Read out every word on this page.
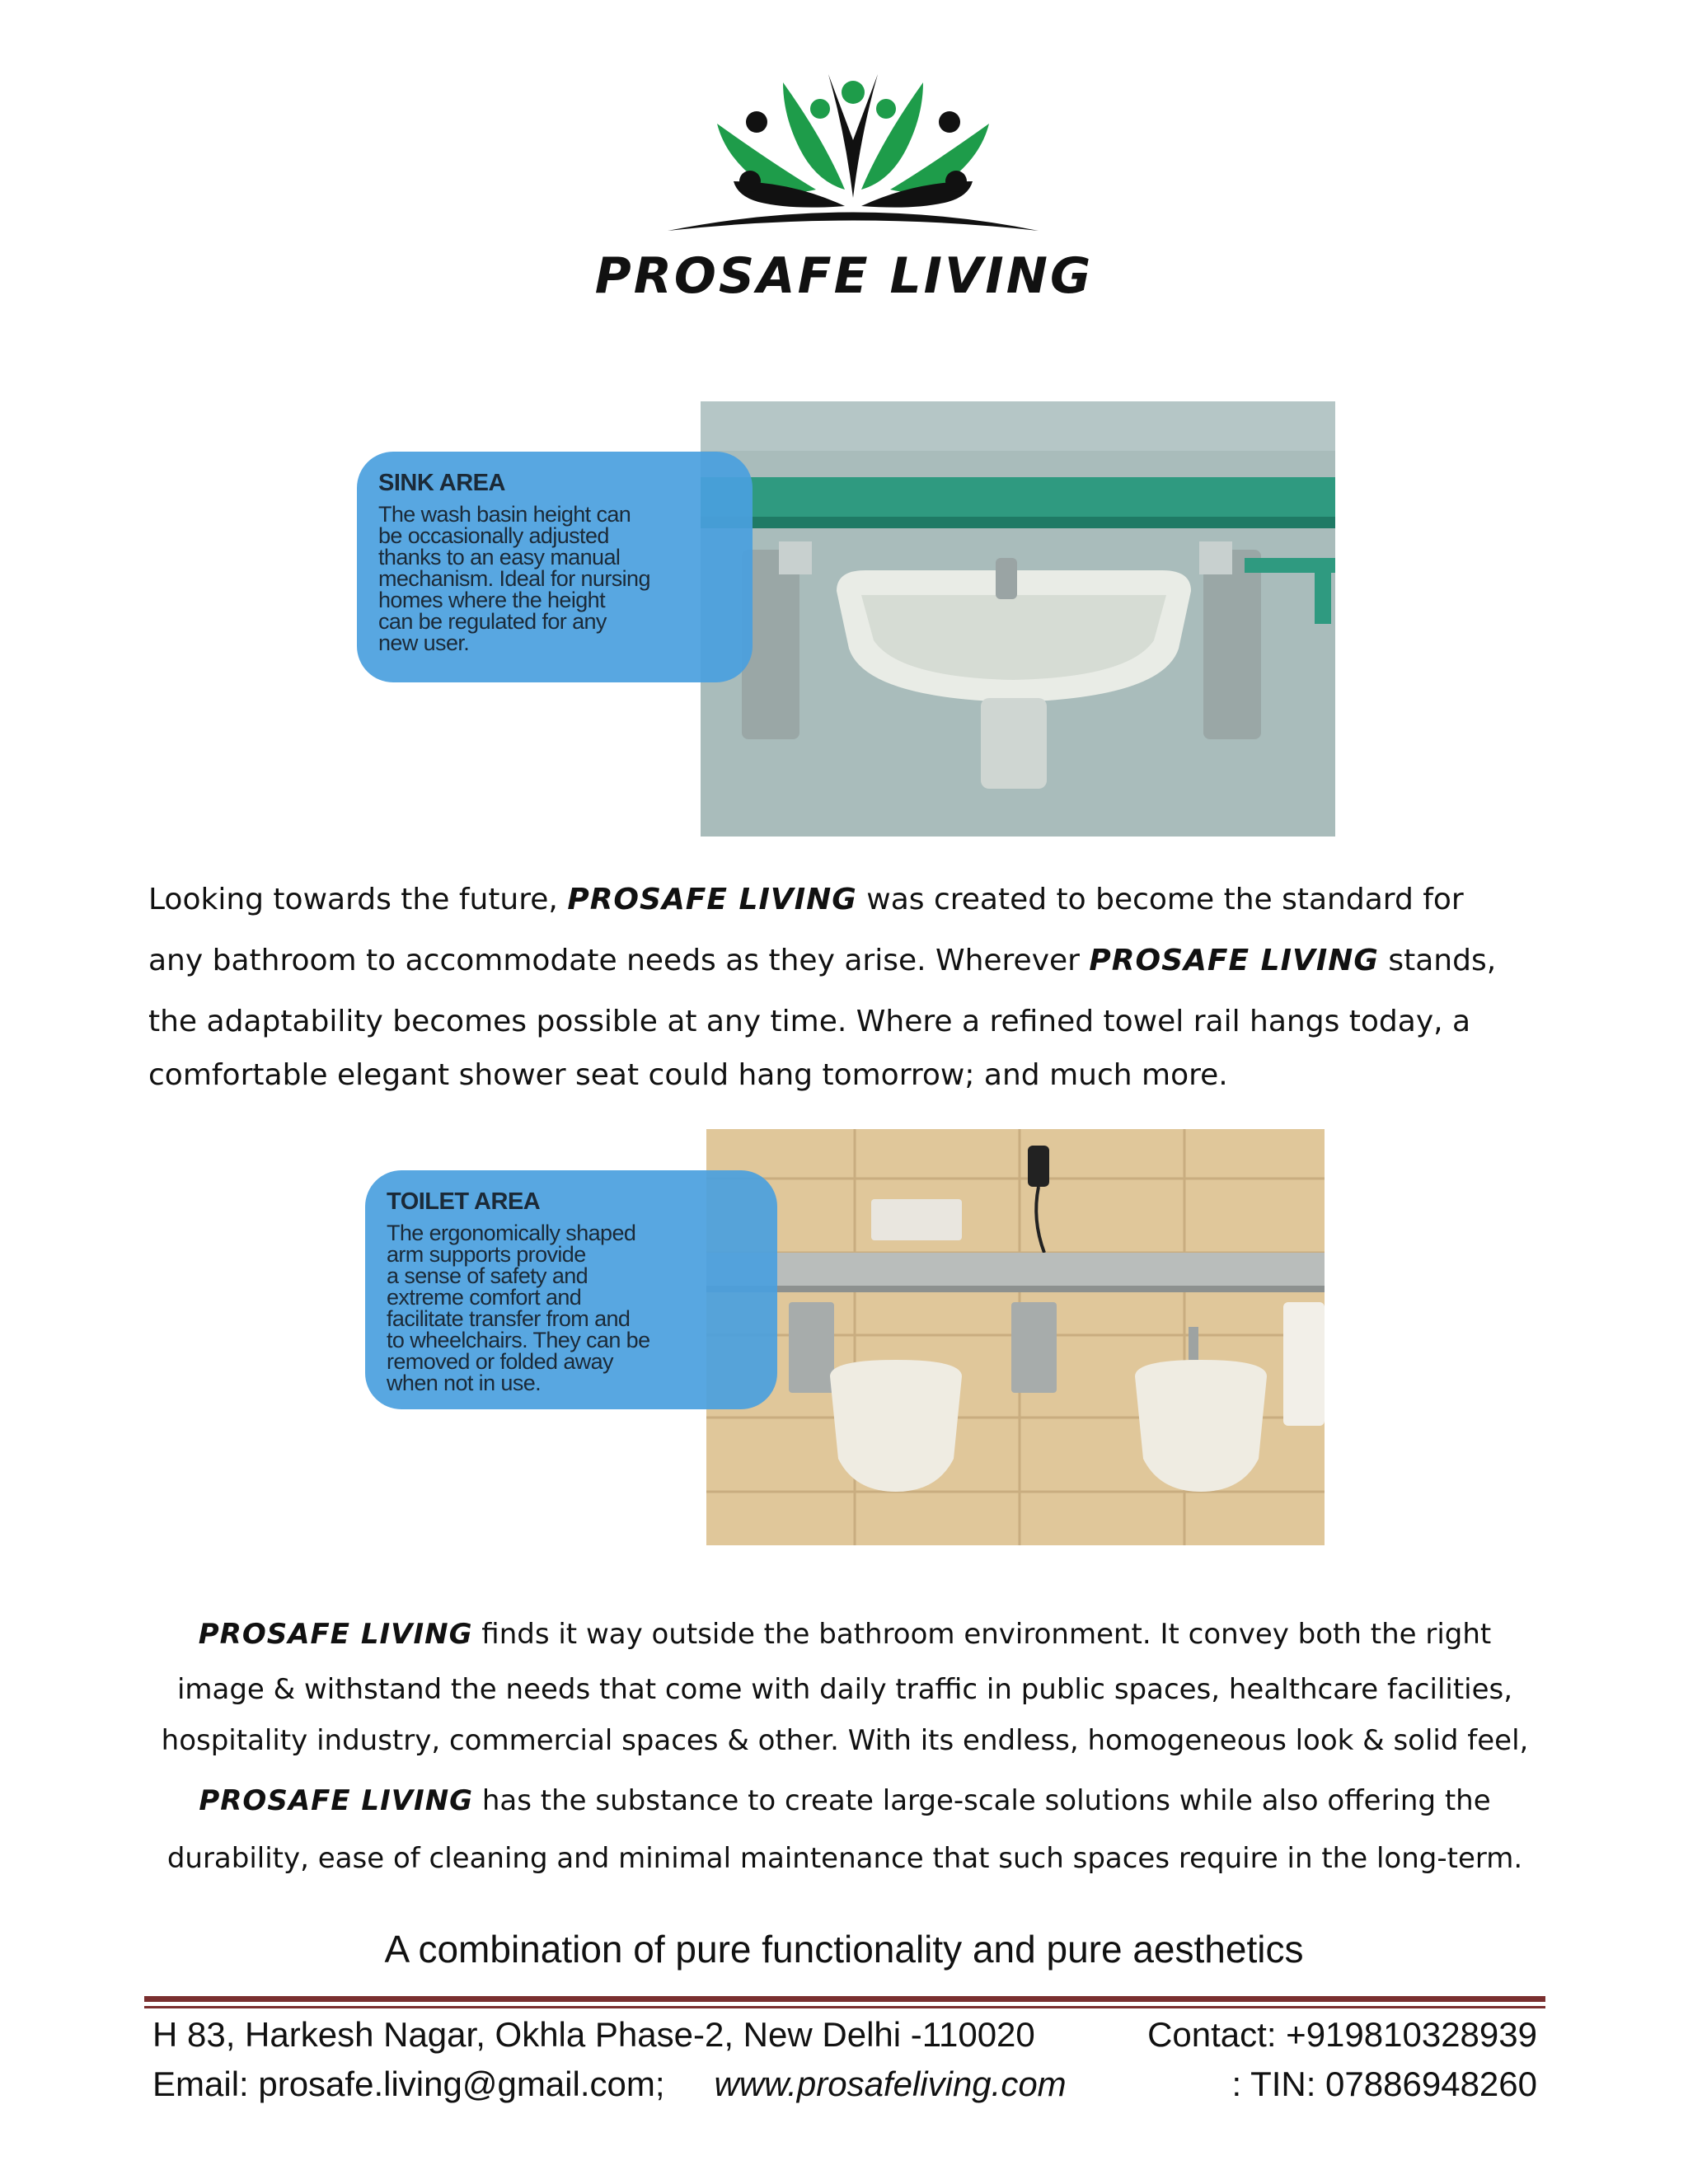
PROSAFE LIVING
SINK AREA
The wash basin height can
be occasionally adjusted
thanks to an easy manual
mechanism. Ideal for nursing
homes where the height
can be regulated for any
new user.
Looking towards the future, PROSAFE LIVING was created to become the standard for
any bathroom to accommodate needs as they arise. Wherever PROSAFE LIVING stands,
the adaptability becomes possible at any time. Where a refined towel rail hangs today, a
comfortable elegant shower seat could hang tomorrow; and much more.
TOILET AREA
The ergonomically shaped
arm supports provide
a sense of safety and
extreme comfort and
facilitate transfer from and
to wheelchairs. They can be
removed or folded away
when not in use.
PROSAFE LIVING finds it way outside the bathroom environment. It convey both the right
image & withstand the needs that come with daily traffic in public spaces, healthcare facilities,
hospitality industry, commercial spaces & other. With its endless, homogeneous look & solid feel,
PROSAFE LIVING has the substance to create large-scale solutions while also offering the
durability, ease of cleaning and minimal maintenance that such spaces require in the long-term.
A combination of pure functionality and pure aesthetics
H 83, Harkesh Nagar, Okhla Phase-2, New Delhi -110020	Contact: +919810328939
Email: prosafe.living@gmail.com; www.prosafeliving.com	: TIN: 07886948260
